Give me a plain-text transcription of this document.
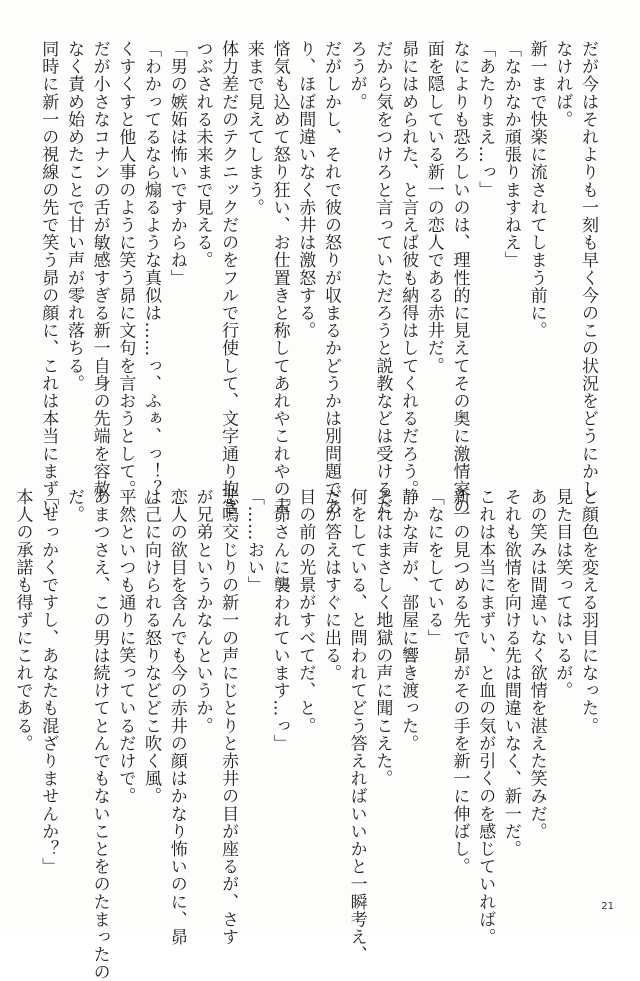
だが今はそれよりも一刻も早く今のこの状況をどうにかし
なければ。
新一まで快楽に流されてしまう前に。
「なかなか頑張りますねえ」
「あたりまえ…っ」
なによりも恐ろしいのは、理性的に見えてその奥に激情家の
面を隠している新一の恋人である赤井だ。
昴にはめられた、と言えば彼も納得はしてくれるだろう。
だから気をつけろと言っていただろうと説教などは受けるだ
ろうが。
だがしかし、それで彼の怒りが収まるかどうかは別問題であ
り、ほぼ間違いなく赤井は激怒する。
悋気も込めて怒り狂い、お仕置きと称してあれやこれやの未
来まで見えてしまう。
体力差だのテクニックだのをフルで行使して、文字通り抱き
つぶされる未来まで見える。
「男の嫉妬は怖いですからね」
「わかってるなら煽るような真似は……っ、ふぁ、っ！？」
くすくすと他人事のように笑う昴に文句を言おうとして。
だが小さなコナンの舌が敏感すぎる新一自身の先端を容赦
なく責め始めたことで甘い声が零れ落ちる。
同時に新一の視線の先で笑う昴の顔に、これは本当にまずい
と顔色を変える羽目になった。
見た目は笑ってはいるが。
あの笑みは間違いなく欲情を湛えた笑みだ。
それも欲情を向ける先は間違いなく、新一だ。
これは本当にまずい、と血の気が引くのを感じていれば。
新一の見つめる先で昴がその手を新一に伸ばし。
「なにをしている」
静かな声が、部屋に響き渡った。
それはまさしく地獄の声に聞こえた。
何をしている、と問われてどう答えればいいかと一瞬考え、
だが答えはすぐに出る。
目の前の光景がすべてだ、と。
「昴さんに襲われています…っ」
「……おい」
悲鳴交じりの新一の声にじとりと赤井の目が座るが、さす
が兄弟というかなんというか。
恋人の欲目を含んでも今の赤井の顔はかなり怖いのに、昴
は己に向けられる怒りなどどこ吹く風。
平然といつも通りに笑っているだけで。
あまつさえ、この男は続けてとんでもないことをのたまったの
だ。
「せっかくですし、あなたも混ざりませんか？」
本人の承諾も得ずにこれである。
21
